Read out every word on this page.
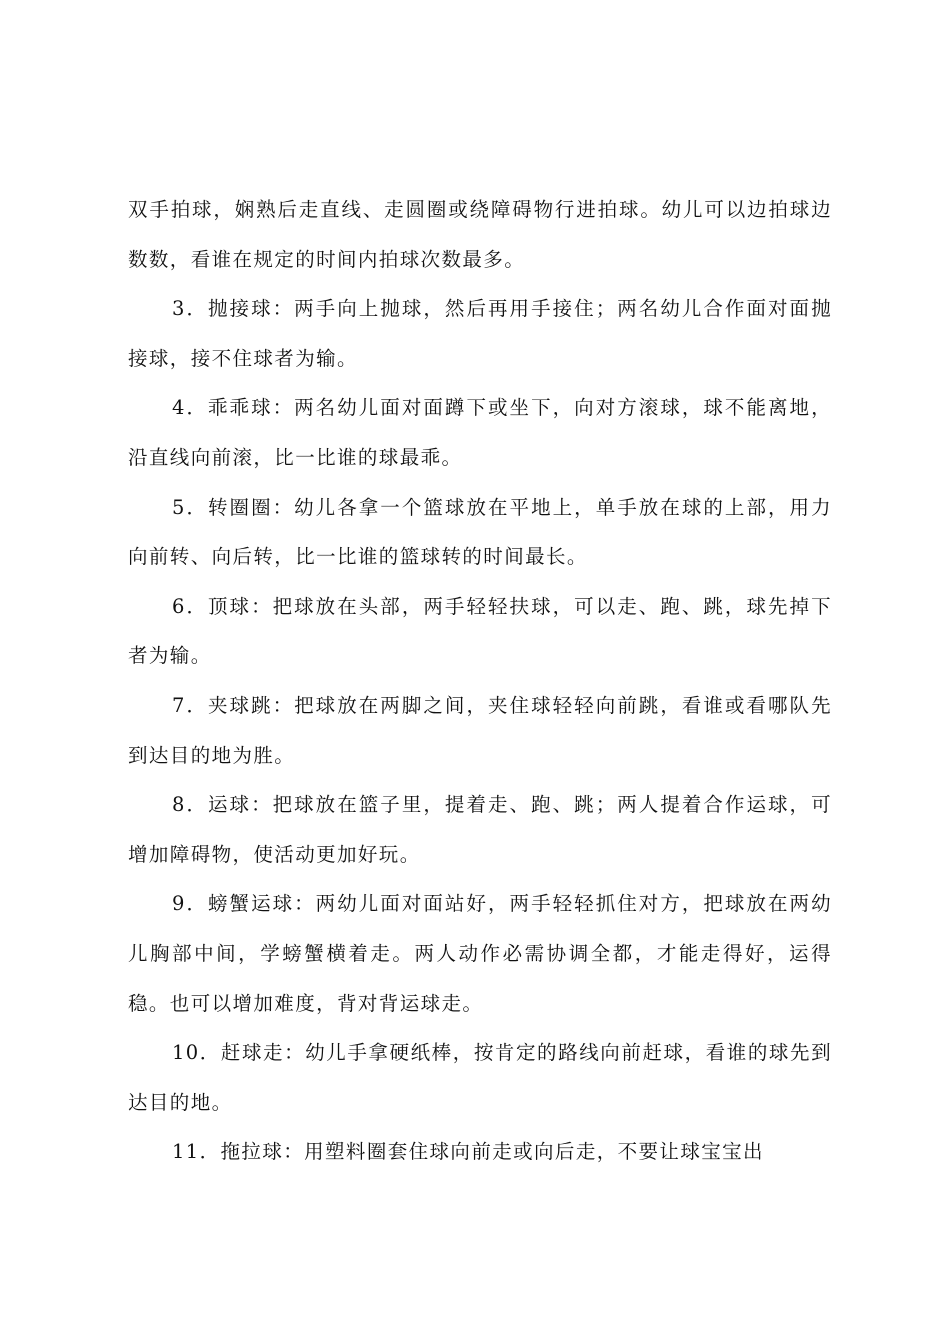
双手拍球，娴熟后走直线、走圆圈或绕障碍物行进拍球。幼儿可以边拍球边数数，看谁在规定的时间内拍球次数最多。

3．抛接球：两手向上抛球，然后再用手接住；两名幼儿合作面对面抛接球，接不住球者为输。

4．乖乖球：两名幼儿面对面蹲下或坐下，向对方滚球，球不能离地，沿直线向前滚，比一比谁的球最乖。

5．转圈圈：幼儿各拿一个篮球放在平地上，单手放在球的上部，用力向前转、向后转，比一比谁的篮球转的时间最长。

6．顶球：把球放在头部，两手轻轻扶球，可以走、跑、跳，球先掉下者为输。

7．夹球跳：把球放在两脚之间，夹住球轻轻向前跳，看谁或看哪队先到达目的地为胜。

8．运球：把球放在篮子里，提着走、跑、跳；两人提着合作运球，可增加障碍物，使活动更加好玩。

9．螃蟹运球：两幼儿面对面站好，两手轻轻抓住对方，把球放在两幼儿胸部中间，学螃蟹横着走。两人动作必需协调全都，才能走得好，运得稳。也可以增加难度，背对背运球走。

10．赶球走：幼儿手拿硬纸棒，按肯定的路线向前赶球，看谁的球先到达目的地。

11．拖拉球：用塑料圈套住球向前走或向后走，不要让球宝宝出
